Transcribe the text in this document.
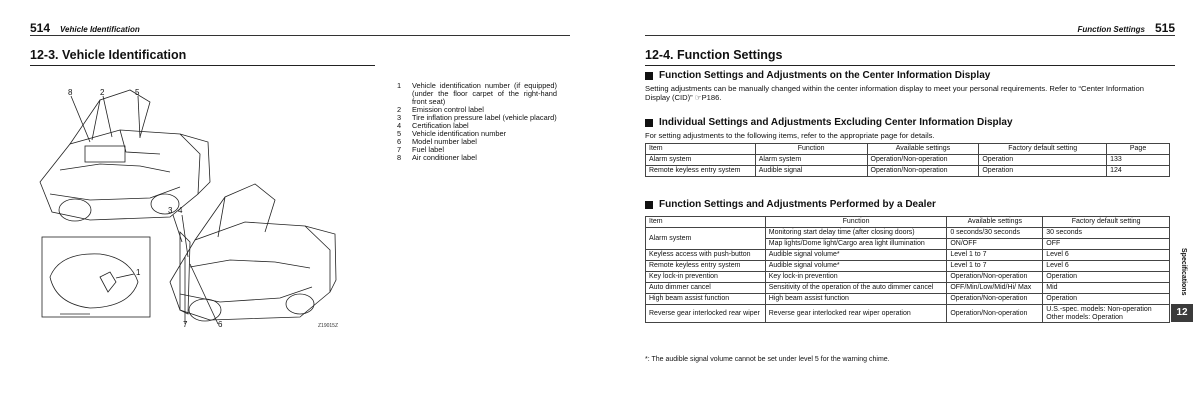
514 Vehicle Identification
12-3. Vehicle Identification
8	2	5
3 4
1
7	6	Z19015Z
1	Vehicle identification number (if equipped) (under the floor carpet of the right-hand front seat)
2	Emission control label
3	Tire inflation pressure label (vehicle placard)
4	Certification label
5	Vehicle identification number
6	Model number label
7	Fuel label
8	Air conditioner label
Function Settings 515
12-4. Function Settings
Function Settings and Adjustments on the Center Information Display
Setting adjustments can be manually changed within the center information display to meet your personal requirements. Refer to “Center Information Display (CID)” ☞P186.
Individual Settings and Adjustments Excluding Center Information Display
For setting adjustments to the following items, refer to the appropriate page for details.
Item	Function	Available settings	Factory default setting	Page
Alarm system	Alarm system	Operation/Non-operation	Operation	133
Remote keyless entry system	Audible signal	Operation/Non-operation	Operation	124
Function Settings and Adjustments Performed by a Dealer
Item	Function	Available settings	Factory default setting
Alarm system	Monitoring start delay time (after closing doors)	0 seconds/30 seconds	30 seconds
	Map lights/Dome light/Cargo area light illumination	ON/OFF	OFF
Keyless access with push-button	Audible signal volume*	Level 1 to 7	Level 6
Remote keyless entry system	Audible signal volume*	Level 1 to 7	Level 6
Key lock-in prevention	Key lock-in prevention	Operation/Non-operation	Operation
Auto dimmer cancel	Sensitivity of the operation of the auto dimmer cancel	OFF/Min/Low/Mid/Hi/ Max	Mid
High beam assist function	High beam assist function	Operation/Non-operation	Operation
Reverse gear interlocked rear wiper	Reverse gear interlocked rear wiper operation	Operation/Non-operation	U.S.-spec. models: Non-operation Other models: Operation
*: The audible signal volume cannot be set under level 5 for the warning chime.
Specifications
12
